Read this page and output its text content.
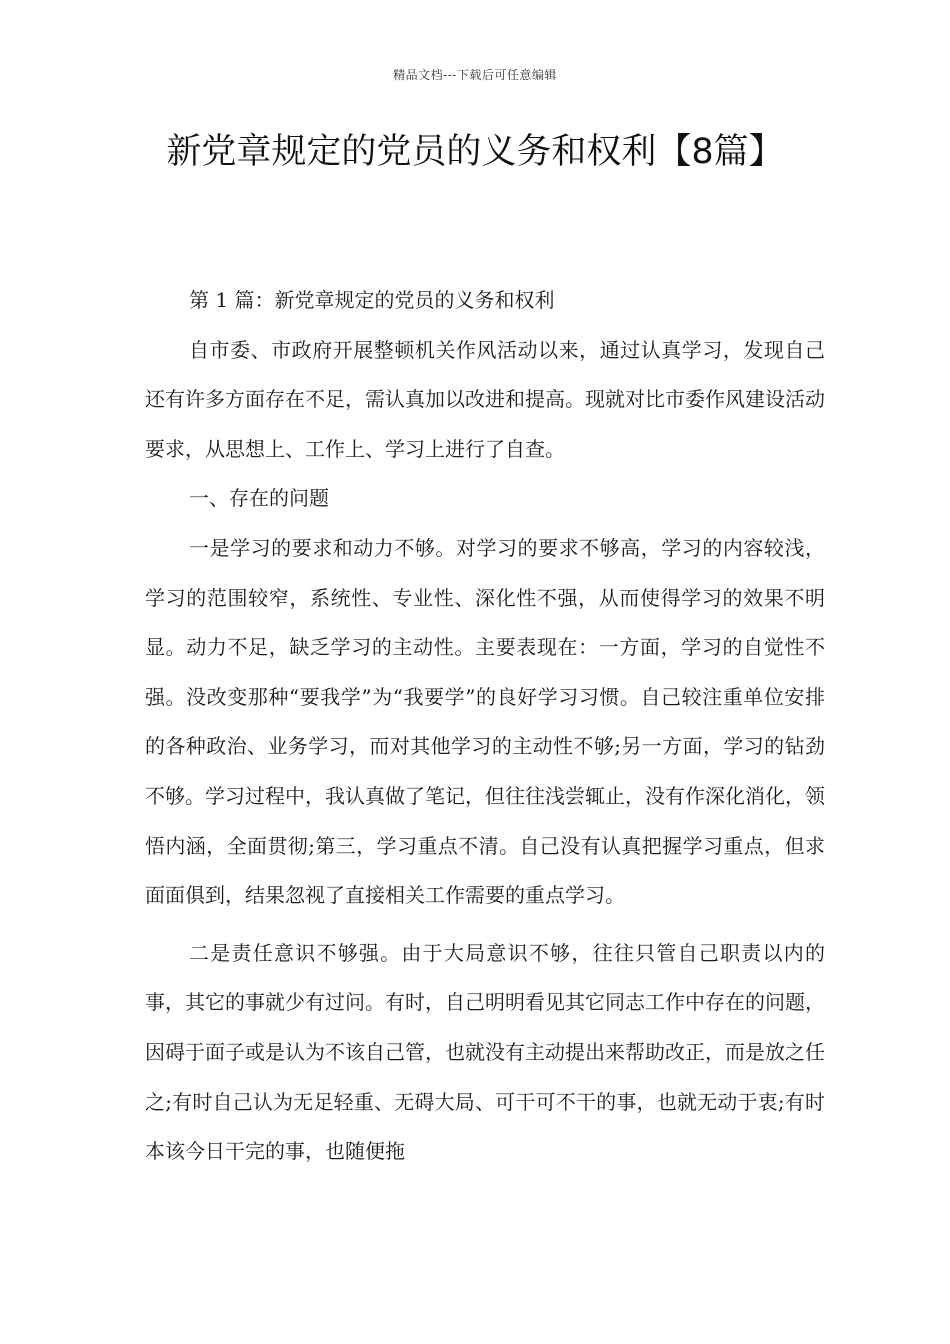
精品文档---下载后可任意编辑
新党章规定的党员的义务和权利【8篇】

第 1 篇：新党章规定的党员的义务和权利

自市委、市政府开展整顿机关作风活动以来，通过认真学习，发现自己还有许多方面存在不足，需认真加以改进和提高。现就对比市委作风建设活动要求，从思想上、工作上、学习上进行了自查。

一、存在的问题

一是学习的要求和动力不够。对学习的要求不够高，学习的内容较浅，学习的范围较窄，系统性、专业性、深化性不强，从而使得学习的效果不明显。动力不足，缺乏学习的主动性。主要表现在：一方面，学习的自觉性不强。没改变那种“要我学”为“我要学”的良好学习习惯。自己较注重单位安排的各种政治、业务学习，而对其他学习的主动性不够;另一方面，学习的钻劲不够。学习过程中，我认真做了笔记，但往往浅尝辄止，没有作深化消化，领悟内涵，全面贯彻;第三，学习重点不清。自己没有认真把握学习重点，但求面面俱到，结果忽视了直接相关工作需要的重点学习。

二是责任意识不够强。由于大局意识不够，往往只管自己职责以内的事，其它的事就少有过问。有时，自己明明看见其它同志工作中存在的问题，因碍于面子或是认为不该自己管，也就没有主动提出来帮助改正，而是放之任之;有时自己认为无足轻重、无碍大局、可干可不干的事，也就无动于衷;有时本该今日干完的事，也随便拖
